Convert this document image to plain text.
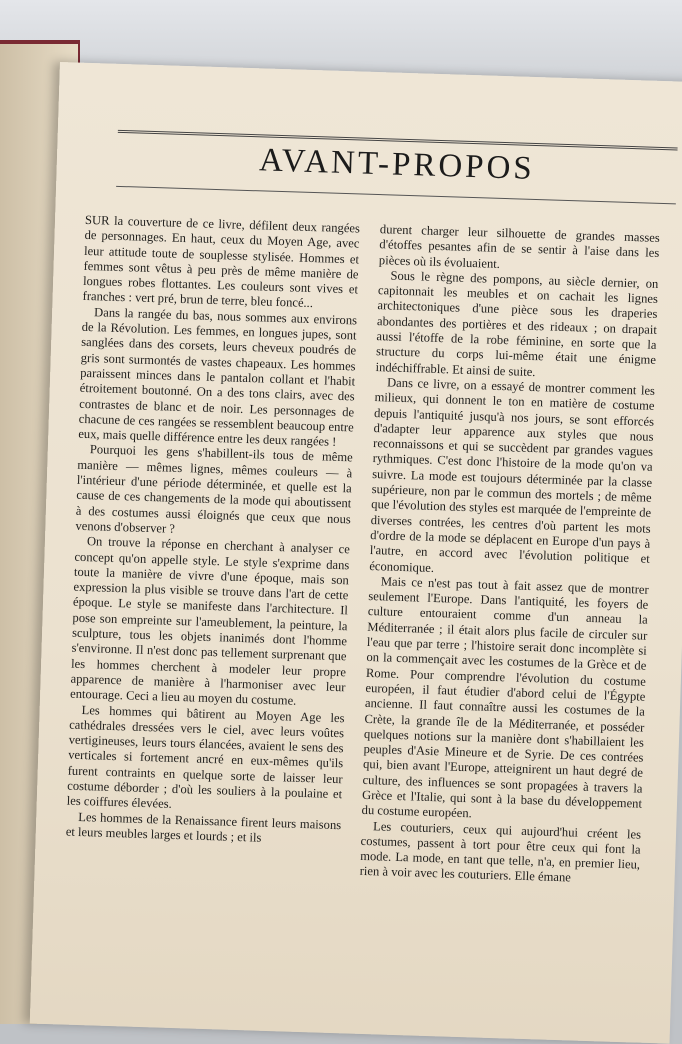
AVANT-PROPOS

SUR la couverture de ce livre, défilent deux rangées de personnages. En haut, ceux du Moyen Age, avec leur attitude toute de souplesse stylisée. Hommes et femmes sont vêtus à peu près de même manière de longues robes flottantes. Les couleurs sont vives et franches : vert pré, brun de terre, bleu foncé...

Dans la rangée du bas, nous sommes aux environs de la Révolution. Les femmes, en longues jupes, sont sanglées dans des corsets, leurs cheveux poudrés de gris sont surmontés de vastes chapeaux. Les hommes paraissent minces dans le pantalon collant et l'habit étroitement boutonné. On a des tons clairs, avec des contrastes de blanc et de noir. Les personnages de chacune de ces rangées se ressemblent beaucoup entre eux, mais quelle différence entre les deux rangées !

Pourquoi les gens s'habillent-ils tous de même manière — mêmes lignes, mêmes couleurs — à l'intérieur d'une période déterminée, et quelle est la cause de ces changements de la mode qui aboutissent à des costumes aussi éloignés que ceux que nous venons d'observer ?

On trouve la réponse en cherchant à analyser ce concept qu'on appelle style. Le style s'exprime dans toute la manière de vivre d'une époque, mais son expression la plus visible se trouve dans l'art de cette époque. Le style se manifeste dans l'architecture. Il pose son empreinte sur l'ameublement, la peinture, la sculpture, tous les objets inanimés dont l'homme s'environne. Il n'est donc pas tellement surprenant que les hommes cherchent à modeler leur propre apparence de manière à l'harmoniser avec leur entourage. Ceci a lieu au moyen du costume.

Les hommes qui bâtirent au Moyen Age les cathédrales dressées vers le ciel, avec leurs voûtes vertigineuses, leurs tours élancées, avaient le sens des verticales si fortement ancré en eux-mêmes qu'ils furent contraints en quelque sorte de laisser leur costume déborder ; d'où les souliers à la poulaine et les coiffures élevées.

Les hommes de la Renaissance firent leurs maisons et leurs meubles larges et lourds ; et ils

durent charger leur silhouette de grandes masses d'étoffes pesantes afin de se sentir à l'aise dans les pièces où ils évoluaient.

Sous le règne des pompons, au siècle dernier, on capitonnait les meubles et on cachait les lignes architectoniques d'une pièce sous les draperies abondantes des portières et des rideaux ; on drapait aussi l'étoffe de la robe féminine, en sorte que la structure du corps lui-même était une énigme indéchiffrable. Et ainsi de suite.

Dans ce livre, on a essayé de montrer comment les milieux, qui donnent le ton en matière de costume depuis l'antiquité jusqu'à nos jours, se sont efforcés d'adapter leur apparence aux styles que nous reconnaissons et qui se succèdent par grandes vagues rythmiques. C'est donc l'histoire de la mode qu'on va suivre. La mode est toujours déterminée par la classe supérieure, non par le commun des mortels ; de même que l'évolution des styles est marquée de l'empreinte de diverses contrées, les centres d'où partent les mots d'ordre de la mode se déplacent en Europe d'un pays à l'autre, en accord avec l'évolution politique et économique.

Mais ce n'est pas tout à fait assez que de montrer seulement l'Europe. Dans l'antiquité, les foyers de culture entouraient comme d'un anneau la Méditerranée ; il était alors plus facile de circuler sur l'eau que par terre ; l'histoire serait donc incomplète si on la commençait avec les costumes de la Grèce et de Rome. Pour comprendre l'évolution du costume européen, il faut étudier d'abord celui de l'Égypte ancienne. Il faut connaître aussi les costumes de la Crète, la grande île de la Méditerranée, et posséder quelques notions sur la manière dont s'habillaient les peuples d'Asie Mineure et de Syrie. De ces contrées qui, bien avant l'Europe, atteignirent un haut degré de culture, des influences se sont propagées à travers la Grèce et l'Italie, qui sont à la base du développement du costume européen.

Les couturiers, ceux qui aujourd'hui créent les costumes, passent à tort pour être ceux qui font la mode. La mode, en tant que telle, n'a, en premier lieu, rien à voir avec les couturiers. Elle émane
